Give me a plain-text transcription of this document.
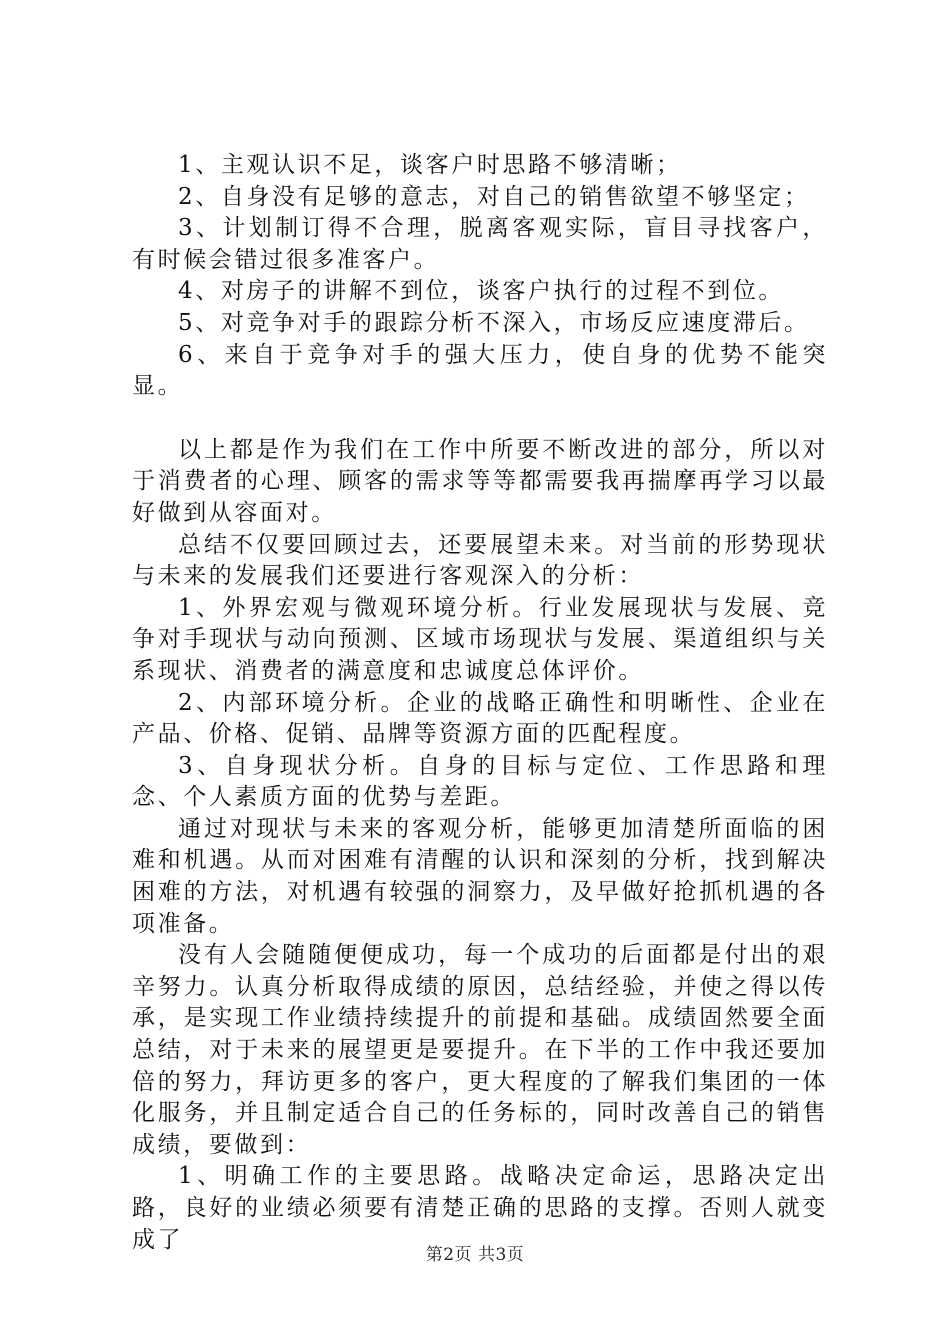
1、主观认识不足，谈客户时思路不够清晰；

2、自身没有足够的意志，对自己的销售欲望不够坚定；

3、计划制订得不合理，脱离客观实际，盲目寻找客户，有时候会错过很多准客户。

4、对房子的讲解不到位，谈客户执行的过程不到位。

5、对竞争对手的跟踪分析不深入，市场反应速度滞后。

6、来自于竞争对手的强大压力，使自身的优势不能突显。

以上都是作为我们在工作中所要不断改进的部分，所以对于消费者的心理、顾客的需求等等都需要我再揣摩再学习以最好做到从容面对。

总结不仅要回顾过去，还要展望未来。对当前的形势现状与未来的发展我们还要进行客观深入的分析：

1、外界宏观与微观环境分析。行业发展现状与发展、竞争对手现状与动向预测、区域市场现状与发展、渠道组织与关系现状、消费者的满意度和忠诚度总体评价。

2、内部环境分析。企业的战略正确性和明晰性、企业在产品、价格、促销、品牌等资源方面的匹配程度。

3、自身现状分析。自身的目标与定位、工作思路和理念、个人素质方面的优势与差距。

通过对现状与未来的客观分析，能够更加清楚所面临的困难和机遇。从而对困难有清醒的认识和深刻的分析，找到解决困难的方法，对机遇有较强的洞察力，及早做好抢抓机遇的各项准备。

没有人会随随便便成功，每一个成功的后面都是付出的艰辛努力。认真分析取得成绩的原因，总结经验，并使之得以传承，是实现工作业绩持续提升的前提和基础。成绩固然要全面总结，对于未来的展望更是要提升。在下半的工作中我还要加倍的努力，拜访更多的客户，更大程度的了解我们集团的一体化服务，并且制定适合自己的任务标的，同时改善自己的销售成绩，要做到：

1、明确工作的主要思路。战略决定命运，思路决定出路，良好的业绩必须要有清楚正确的思路的支撑。否则人就变成了

第2页 共3页
